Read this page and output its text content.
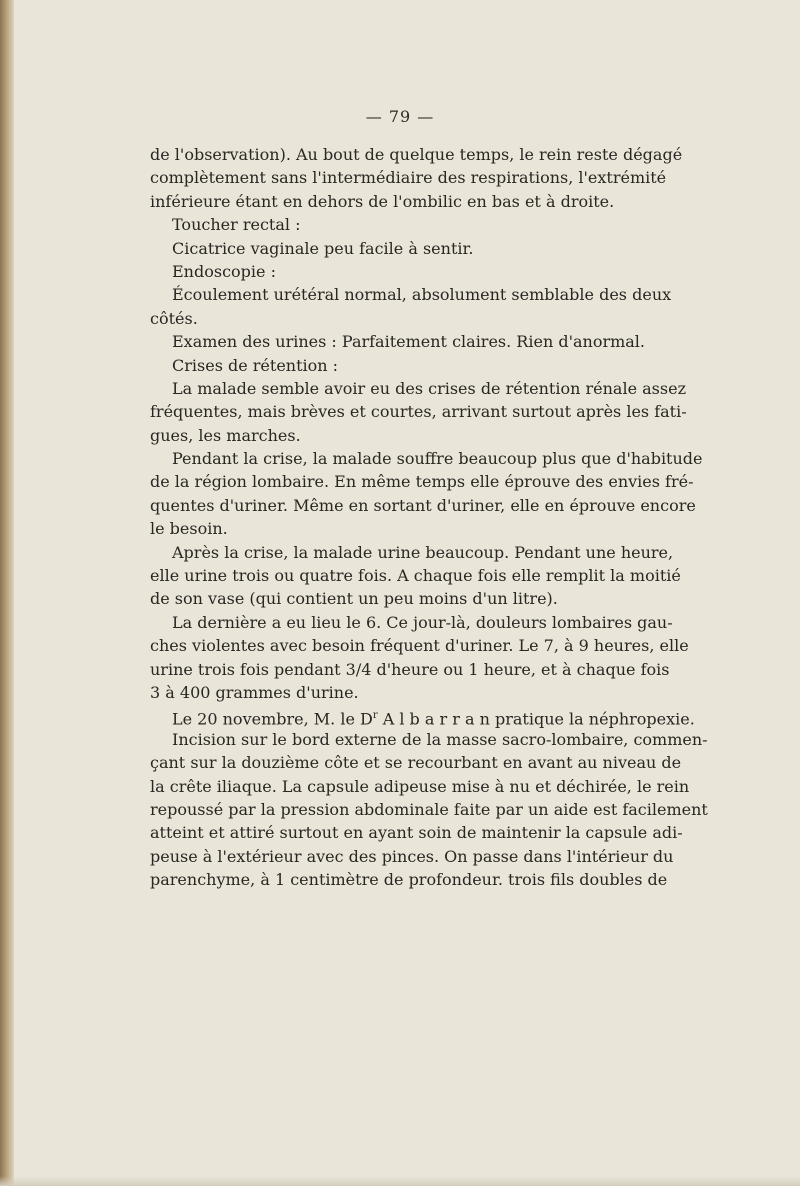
— 79 —
de l'observation). Au bout de quelque temps, le rein reste dégagé
complètement sans l'intermédiaire des respirations, l'extrémité
inférieure étant en dehors de l'ombilic en bas et à droite.
Toucher rectal :
Cicatrice vaginale peu facile à sentir.
Endoscopie :
Écoulement urétéral normal, absolument semblable des deux
côtés.
Examen des urines : Parfaitement claires. Rien d'anormal.
Crises de rétention :
La malade semble avoir eu des crises de rétention rénale assez
fréquentes, mais brèves et courtes, arrivant surtout après les fati-
gues, les marches.
Pendant la crise, la malade souffre beaucoup plus que d'habitude
de la région lombaire. En même temps elle éprouve des envies fré-
quentes d'uriner. Même en sortant d'uriner, elle en éprouve encore
le besoin.
Après la crise, la malade urine beaucoup. Pendant une heure,
elle urine trois ou quatre fois. A chaque fois elle remplit la moitié
de son vase (qui contient un peu moins d'un litre).
La dernière a eu lieu le 6. Ce jour-là, douleurs lombaires gau-
ches violentes avec besoin fréquent d'uriner. Le 7, à 9 heures, elle
urine trois fois pendant 3/4 d'heure ou 1 heure, et à chaque fois
3 à 400 grammes d'urine.
Le 20 novembre, M. le $D^r$ A l b a r r a n pratique la néphropexie.
Incision sur le bord externe de la masse sacro-lombaire, commen-
çant sur la douzième côte et se recourbant en avant au niveau de
la crête iliaque. La capsule adipeuse mise à nu et déchirée, le rein
repoussé par la pression abdominale faite par un aide est facilement
atteint et attiré surtout en ayant soin de maintenir la capsule adi-
peuse à l'extérieur avec des pinces. On passe dans l'intérieur du
parenchyme, à 1 centimètre de profondeur. trois fils doubles de
